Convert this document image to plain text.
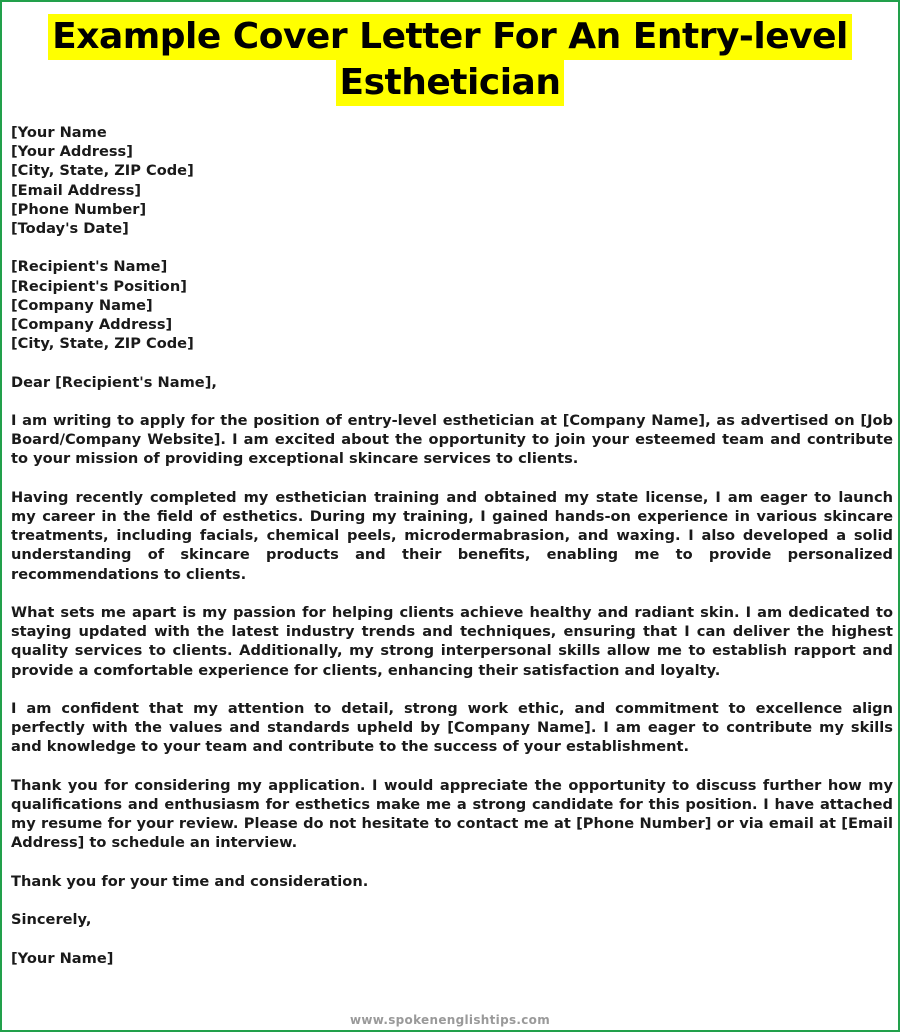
Example Cover Letter For An Entry-level
Esthetician

[Your Name
[Your Address]
[City, State, ZIP Code]
[Email Address]
[Phone Number]
[Today's Date]

[Recipient's Name]
[Recipient's Position]
[Company Name]
[Company Address]
[City, State, ZIP Code]

Dear [Recipient's Name],

I am writing to apply for the position of entry-level esthetician at [Company Name], as advertised on [Job Board/Company Website]. I am excited about the opportunity to join your esteemed team and contribute to your mission of providing exceptional skincare services to clients.

Having recently completed my esthetician training and obtained my state license, I am eager to launch my career in the field of esthetics. During my training, I gained hands-on experience in various skincare treatments, including facials, chemical peels, microdermabrasion, and waxing. I also developed a solid understanding of skincare products and their benefits, enabling me to provide personalized recommendations to clients.

What sets me apart is my passion for helping clients achieve healthy and radiant skin. I am dedicated to staying updated with the latest industry trends and techniques, ensuring that I can deliver the highest quality services to clients. Additionally, my strong interpersonal skills allow me to establish rapport and provide a comfortable experience for clients, enhancing their satisfaction and loyalty.

I am confident that my attention to detail, strong work ethic, and commitment to excellence align perfectly with the values and standards upheld by [Company Name]. I am eager to contribute my skills and knowledge to your team and contribute to the success of your establishment.

Thank you for considering my application. I would appreciate the opportunity to discuss further how my qualifications and enthusiasm for esthetics make me a strong candidate for this position. I have attached my resume for your review. Please do not hesitate to contact me at [Phone Number] or via email at [Email Address] to schedule an interview.

Thank you for your time and consideration.

Sincerely,

[Your Name]

www.spokenenglishtips.com
